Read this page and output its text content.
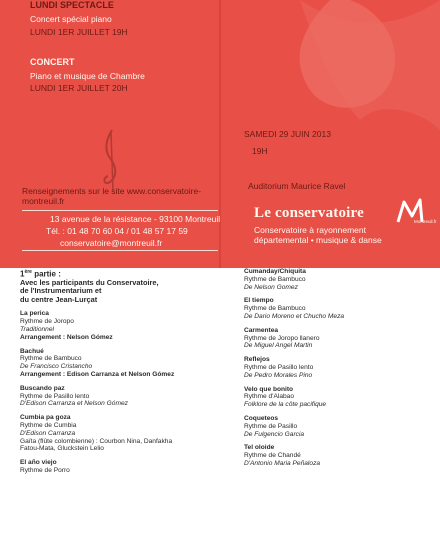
LUNDI SPECTACLE
Concert spécial piano
LUNDI 1ER JUILLET 19H
CONCERT
Piano et musique de Chambre
LUNDI 1ER JUILLET 20H
Renseignements sur le site www.conservatoire-
montreuil.fr
13 avenue de la résistance - 93100 Montreuil
Tél. : 01 48 70 60 04 / 01 48 57 17 59
conservatoire@montreuil.fr
SAMEDI 29 JUIN 2013
19H
Auditorium Maurice Ravel
Le conservatoire
Montreuil.fr
Conservatoire à rayonnement
départemental • musique & danse
1ère partie :
Avec les participants du Conservatoire,
de l'Instrumentarium et
du centre Jean-Lurçat
La perica
Rythme de Joropo
Traditionnel
Arrangement : Nelson Gómez
Bachué
Rythme de Bambuco
De Francisco Cristancho
Arrangement : Edison Carranza et Nelson Gómez
Buscando paz
Rythme de Pasillo lento
D'Edison Carranza et Nelson Gómez
Cumbia pa goza
Rythme de Cumbia
D'Edison Carranza
Gaïta (flûte colombienne) : Courbon Nina, Danfakha
Fatou-Mata, Gluckstein Lelio
El año viejo
Rythme de Porro
Cumanday/Chiquita
Rythme de Bambuco
De Nelson Gomez
El tiempo
Rythme de Bambuco
De Dario Moreno et Chucho Meza
Carmentea
Rythme de Joropo llanero
De Miguel Angel Martin
Reflejos
Rythme de Pasillo lento
De Pedro Morales Pino
Velo que bonito
Rythme d'Alabao
Folklore de la côte pacifique
Coqueteos
Rythme de Pasillo
De Fulgencio Garcia
Tel oloide
Rythme de Chandé
D'Antonio Maria Peñaloza
